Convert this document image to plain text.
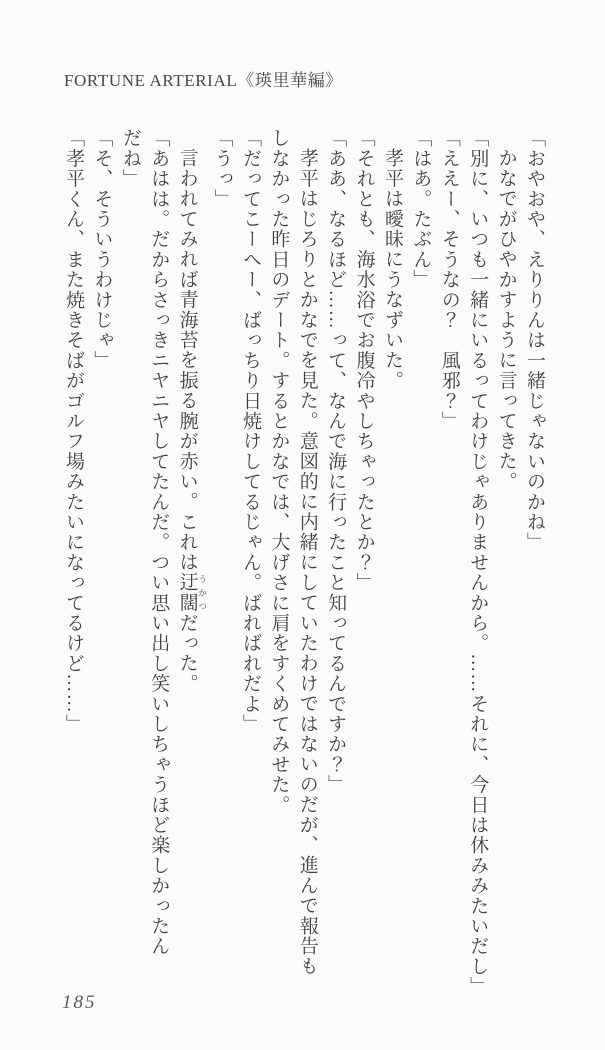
FORTUNE ARTERIAL《瑛里華編》
「おやおや、えりりんは一緒じゃないのかね」
かなでがひやかすように言ってきた。
「別に、いつも一緒にいるってわけじゃありませんから。……それに、今日は休みみたいだし」
「ええー、そうなの？　風邪？」
「はあ。たぶん」
孝平は曖昧にうなずいた。
「それとも、海水浴でお腹冷やしちゃったとか？」
「ああ、なるほど……って、なんで海に行ったこと知ってるんですか？」
孝平はじろりとかなでを見た。意図的に内緒にしていたわけではないのだが、進んで報告も
しなかった昨日のデート。するとかなでは、大げさに肩をすくめてみせた。
「だってこーへー、ばっちり日焼けしてるじゃん。ばればれだよ」
「うっ」
言われてみれば青海苔を振る腕が赤い。これは迂闊 うかつだった。
「あはは。だからさっきニヤニヤしてたんだ。つい思い出し笑いしちゃうほど楽しかったん
だね」
「そ、そういうわけじゃ」
「孝平くん、また焼きそばがゴルフ場みたいになってるけど……」
185
